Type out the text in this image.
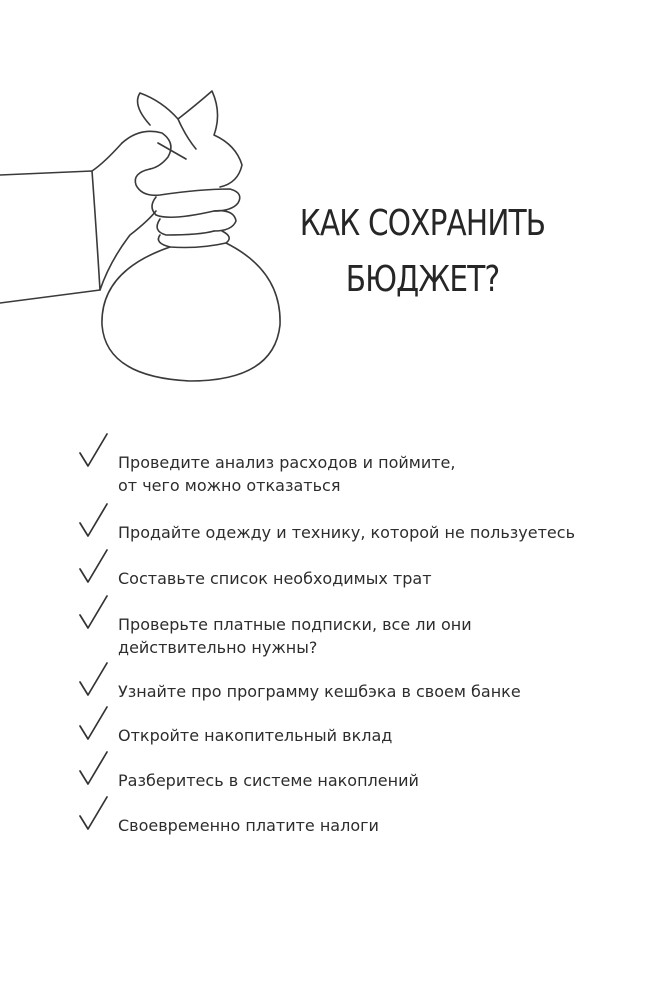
КАК СОХРАНИТЬ
БЮДЖЕТ?
Проведите анализ расходов и поймите,
от чего можно отказаться
Продайте одежду и технику, которой не пользуетесь
Составьте список необходимых трат
Проверьте платные подписки, все ли они
действительно нужны?
Узнайте про программу кешбэка в своем банке
Откройте накопительный вклад
Разберитесь в системе накоплений
Своевременно платите налоги
